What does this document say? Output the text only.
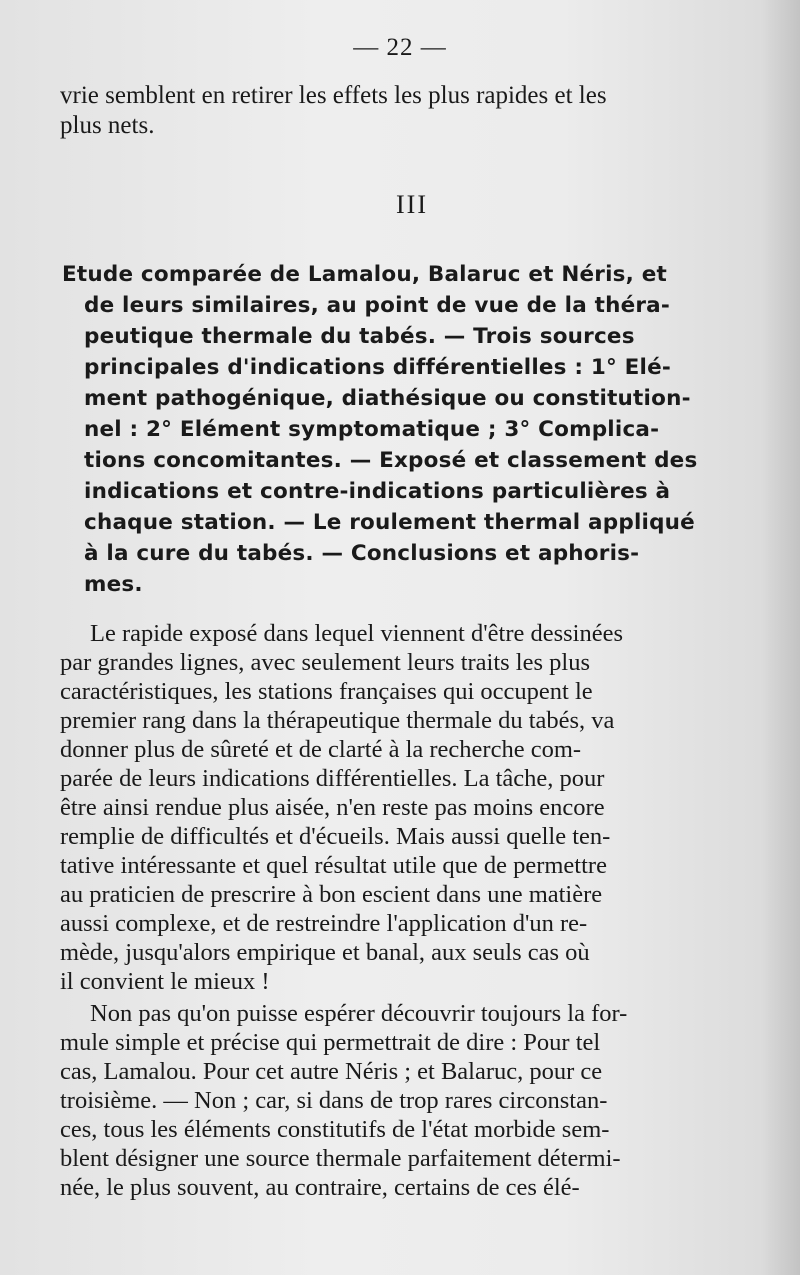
— 22 —
vrie semblent en retirer les effets les plus rapides et les
plus nets.
III
Etude comparée de Lamalou, Balaruc et Néris, et
de leurs similaires, au point de vue de la théra-
peutique thermale du tabés. — Trois sources
principales d'indications différentielles : 1° Elé-
ment pathogénique, diathésique ou constitution-
nel : 2° Elément symptomatique ; 3° Complica-
tions concomitantes. — Exposé et classement des
indications et contre-indications particulières à
chaque station. — Le roulement thermal appliqué
à la cure du tabés. — Conclusions et aphoris-
mes.
Le rapide exposé dans lequel viennent d'être dessinées
par grandes lignes, avec seulement leurs traits les plus
caractéristiques, les stations françaises qui occupent le
premier rang dans la thérapeutique thermale du tabés, va
donner plus de sûreté et de clarté à la recherche com-
parée de leurs indications différentielles. La tâche, pour
être ainsi rendue plus aisée, n'en reste pas moins encore
remplie de difficultés et d'écueils. Mais aussi quelle ten-
tative intéressante et quel résultat utile que de permettre
au praticien de prescrire à bon escient dans une matière
aussi complexe, et de restreindre l'application d'un re-
mède, jusqu'alors empirique et banal, aux seuls cas où
il convient le mieux !
Non pas qu'on puisse espérer découvrir toujours la for-
mule simple et précise qui permettrait de dire : Pour tel
cas, Lamalou. Pour cet autre Néris ; et Balaruc, pour ce
troisième. — Non ; car, si dans de trop rares circonstan-
ces, tous les éléments constitutifs de l'état morbide sem-
blent désigner une source thermale parfaitement détermi-
née, le plus souvent, au contraire, certains de ces élé-
